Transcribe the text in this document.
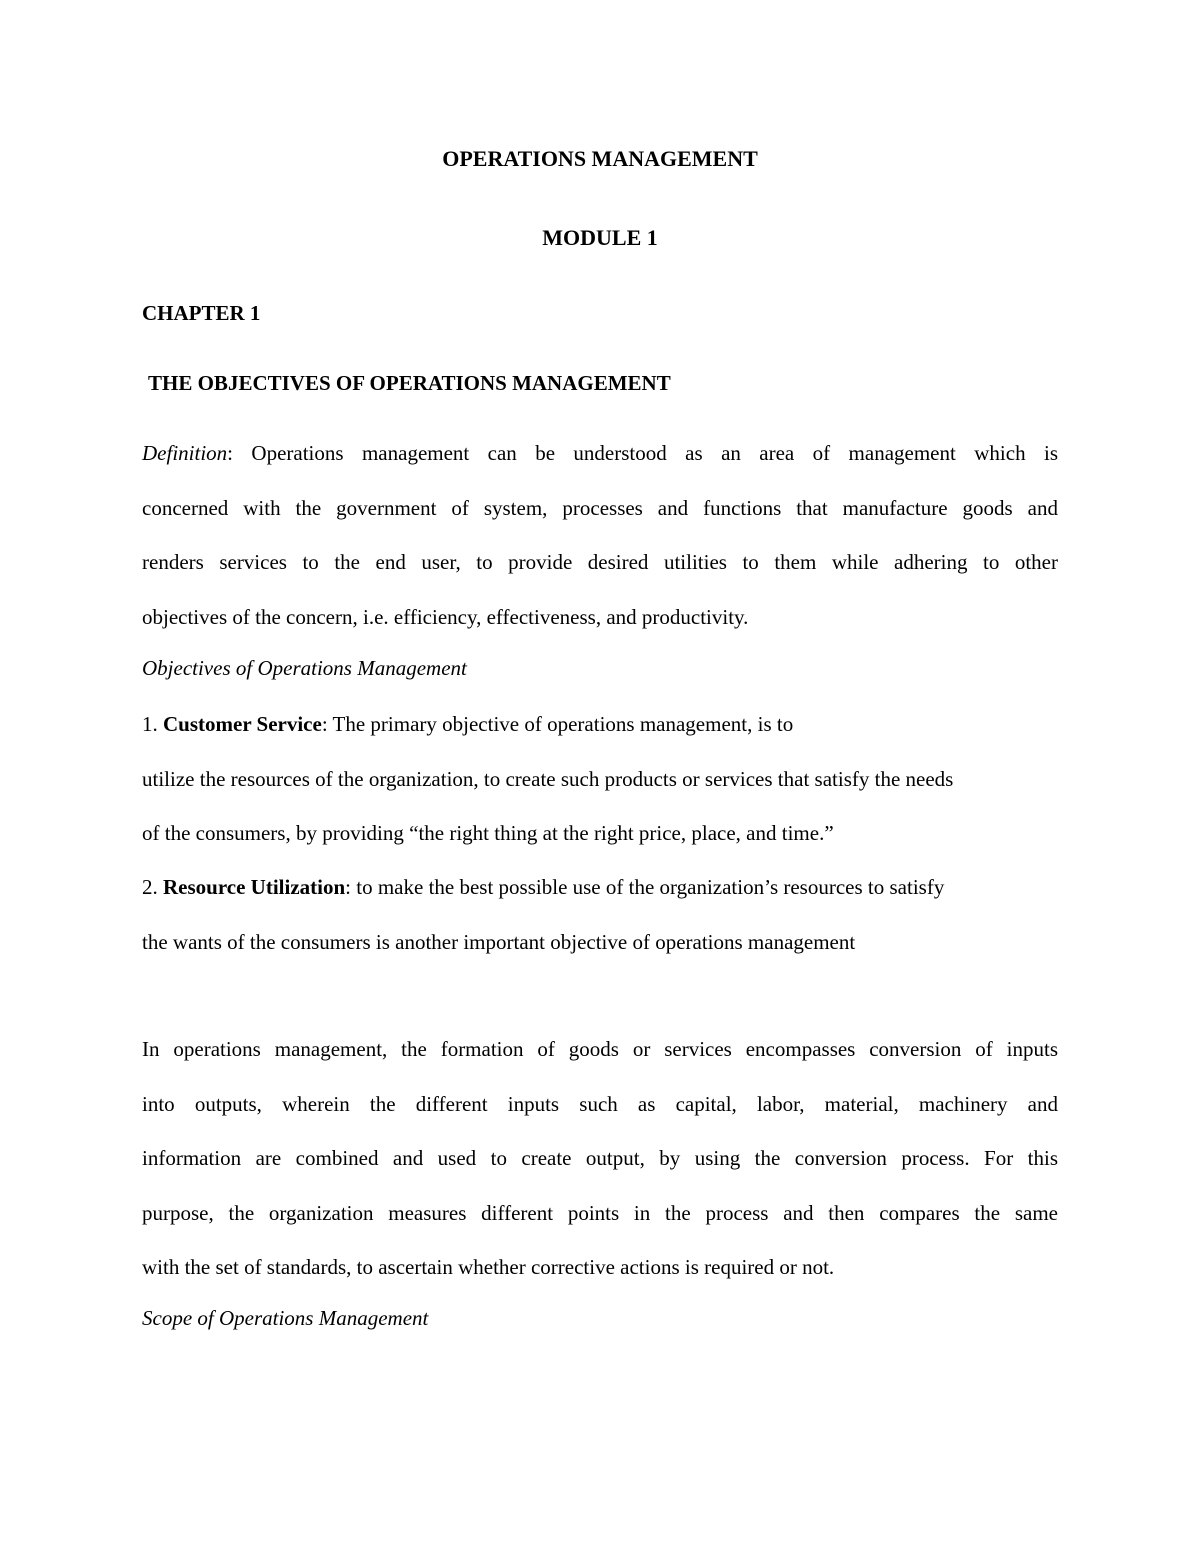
OPERATIONS MANAGEMENT
MODULE 1
CHAPTER 1
THE OBJECTIVES OF OPERATIONS MANAGEMENT
Definition: Operations management can be understood as an area of management which is
concerned with the government of system, processes and functions that manufacture goods and
renders services to the end user, to provide desired utilities to them while adhering to other
objectives of the concern, i.e. efficiency, effectiveness, and productivity.

Objectives of Operations Management

1. Customer Service: The primary objective of operations management, is to
utilize the resources of the organization, to create such products or services that satisfy the needs
of the consumers, by providing “the right thing at the right price, place, and time.”
2. Resource Utilization: to make the best possible use of the organization’s resources to satisfy
the wants of the consumers is another important objective of operations management
In operations management, the formation of goods or services encompasses conversion of inputs
into outputs, wherein the different inputs such as capital, labor, material, machinery and
information are combined and used to create output, by using the conversion process. For this
purpose, the organization measures different points in the process and then compares the same
with the set of standards, to ascertain whether corrective actions is required or not.

Scope of Operations Management
